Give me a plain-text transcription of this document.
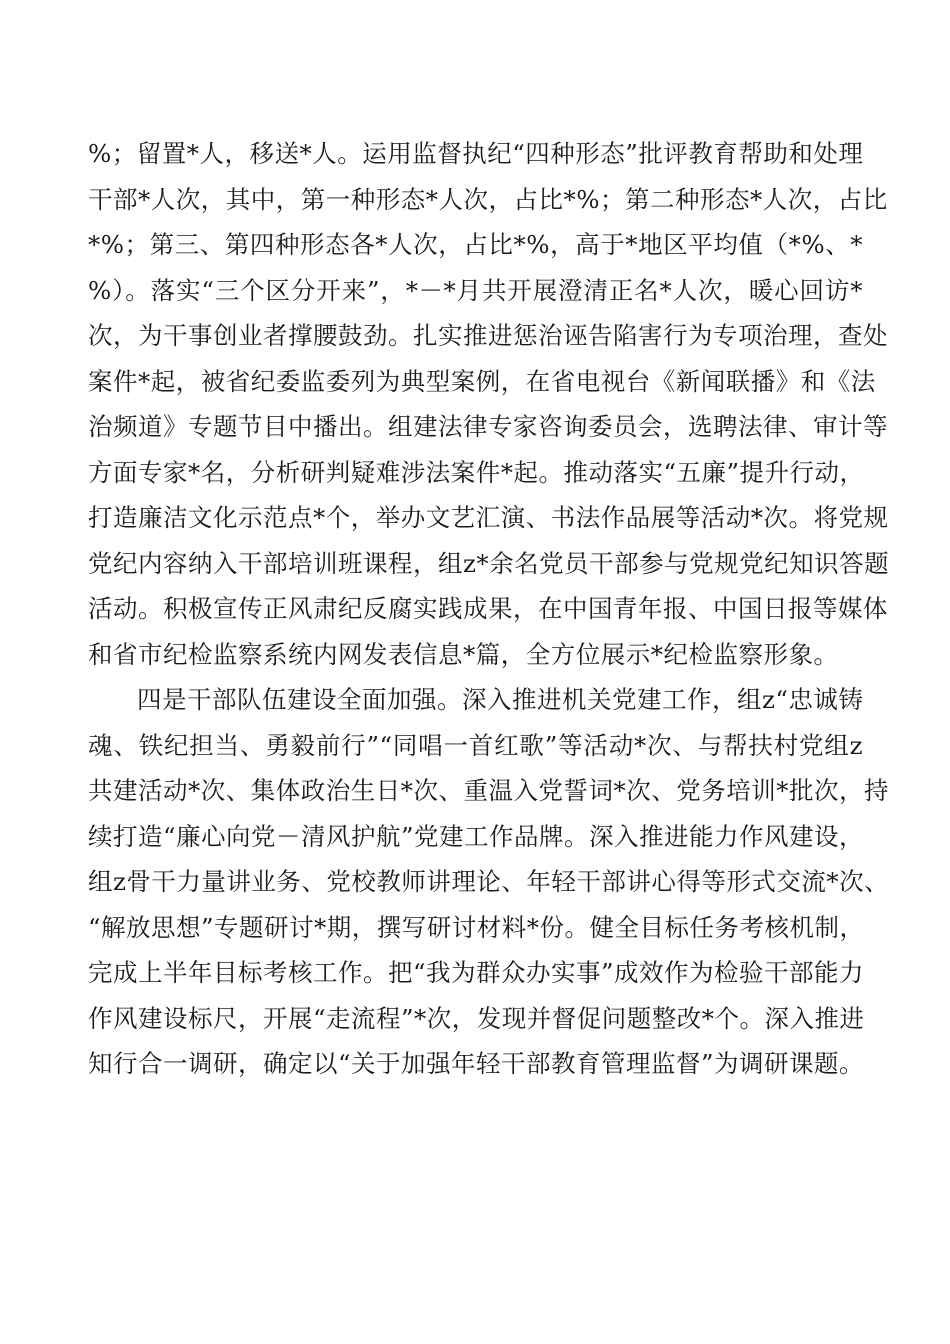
%；留置*人，移送*人。运用监督执纪“四种形态”批评教育帮助和处理
干部*人次，其中，第一种形态*人次，占比*%；第二种形态*人次，占比
*%；第三、第四种形态各*人次，占比*%，高于*地区平均值（*%、*
%）。落实“三个区分开来”，*－*月共开展澄清正名*人次，暖心回访*
次，为干事创业者撑腰鼓劲。扎实推进惩治诬告陷害行为专项治理，查处
案件*起，被省纪委监委列为典型案例，在省电视台《新闻联播》和《法
治频道》专题节目中播出。组建法律专家咨询委员会，选聘法律、审计等
方面专家*名，分析研判疑难涉法案件*起。推动落实“五廉”提升行动，
打造廉洁文化示范点*个，举办文艺汇演、书法作品展等活动*次。将党规
党纪内容纳入干部培训班课程，组z*余名党员干部参与党规党纪知识答题
活动。积极宣传正风肃纪反腐实践成果，在中国青年报、中国日报等媒体
和省市纪检监察系统内网发表信息*篇，全方位展示*纪检监察形象。
四是干部队伍建设全面加强。深入推进机关党建工作，组z“忠诚铸
魂、铁纪担当、勇毅前行”“同唱一首红歌”等活动*次、与帮扶村党组z
共建活动*次、集体政治生日*次、重温入党誓词*次、党务培训*批次，持
续打造“廉心向党－清风护航”党建工作品牌。深入推进能力作风建设，
组z骨干力量讲业务、党校教师讲理论、年轻干部讲心得等形式交流*次、
“解放思想”专题研讨*期，撰写研讨材料*份。健全目标任务考核机制，
完成上半年目标考核工作。把“我为群众办实事”成效作为检验干部能力
作风建设标尺，开展“走流程”*次，发现并督促问题整改*个。深入推进
知行合一调研，确定以“关于加强年轻干部教育管理监督”为调研课题。
